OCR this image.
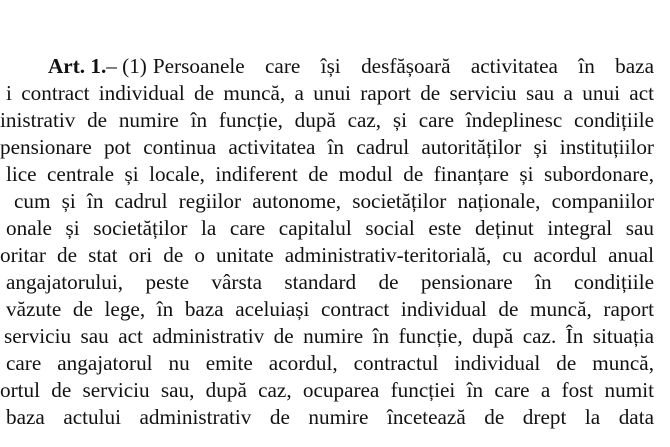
Art. 1. – (1) Persoanele care își desfășoară activitatea în baza
i contract individual de muncă, a unui raport de serviciu sau a unui act
inistrativ de numire în funcție, după caz, și care îndeplinesc condițiile
pensionare pot continua activitatea în cadrul autorităților și instituțiilor
lice centrale și locale, indiferent de modul de finanțare și subordonare,
cum și în cadrul regiilor autonome, societăților naționale, companiilor
onale și societăților la care capitalul social este deținut integral sau
oritar de stat ori de o unitate administrativ-teritorială, cu acordul anual
angajatorului, peste vârsta standard de pensionare în condițiile
văzute de lege, în baza aceluiași contract individual de muncă, raport
serviciu sau act administrativ de numire în funcție, după caz. În situația
care angajatorul nu emite acordul, contractul individual de muncă,
ortul de serviciu sau, după caz, ocuparea funcției în care a fost numit
baza actului administrativ de numire încetează de drept la data
